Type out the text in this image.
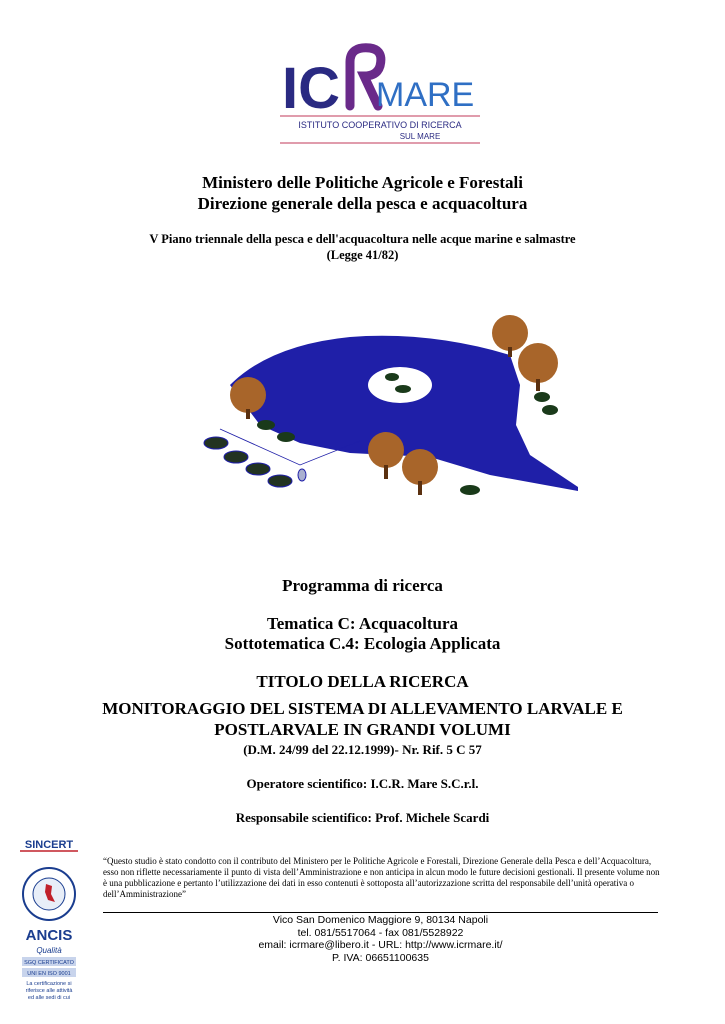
IC MARE
ISTITUTO COOPERATIVO DI RICERCA
SUL MARE
Ministero delle Politiche Agricole e Forestali
Direzione generale della pesca e acquacoltura
V Piano triennale della pesca e dell'acquacoltura nelle acque marine e salmastre
(Legge 41/82)
Programma di ricerca
Tematica C: Acquacoltura
Sottotematica C.4: Ecologia Applicata
TITOLO DELLA RICERCA
MONITORAGGIO DEL SISTEMA DI ALLEVAMENTO LARVALE E
POSTLARVALE IN GRANDI VOLUMI
(D.M. 24/99 del 22.12.1999)- Nr. Rif. 5 C 57
Operatore scientifico: I.C.R. Mare S.C.r.l.
Responsabile scientifico: Prof. Michele Scardi
SINCERT
ANCIS
Qualità
SGQ CERTIFICATO
UNI EN ISO 9001
La certificazione si
riferisce alle attività
ed alle sedi di cui
“Questo studio è stato condotto con il contributo del Ministero per le Politiche Agricole e Forestali, Direzione Generale della Pesca e dell’Acquacoltura, esso non riflette necessariamente il punto di vista dell’Amministrazione e non anticipa in alcun modo le future decisioni gestionali. Il presente volume non è una pubblicazione e pertanto l’utilizzazione dei dati in esso contenuti è sottoposta all’autorizzazione scritta del responsabile dell’unità operativa o dell’Amministrazione”
Vico San Domenico Maggiore 9, 80134 Napoli
tel. 081/5517064 - fax 081/5528922
email: icrmare@libero.it - URL: http://www.icrmare.it/
P. IVA: 06651100635
